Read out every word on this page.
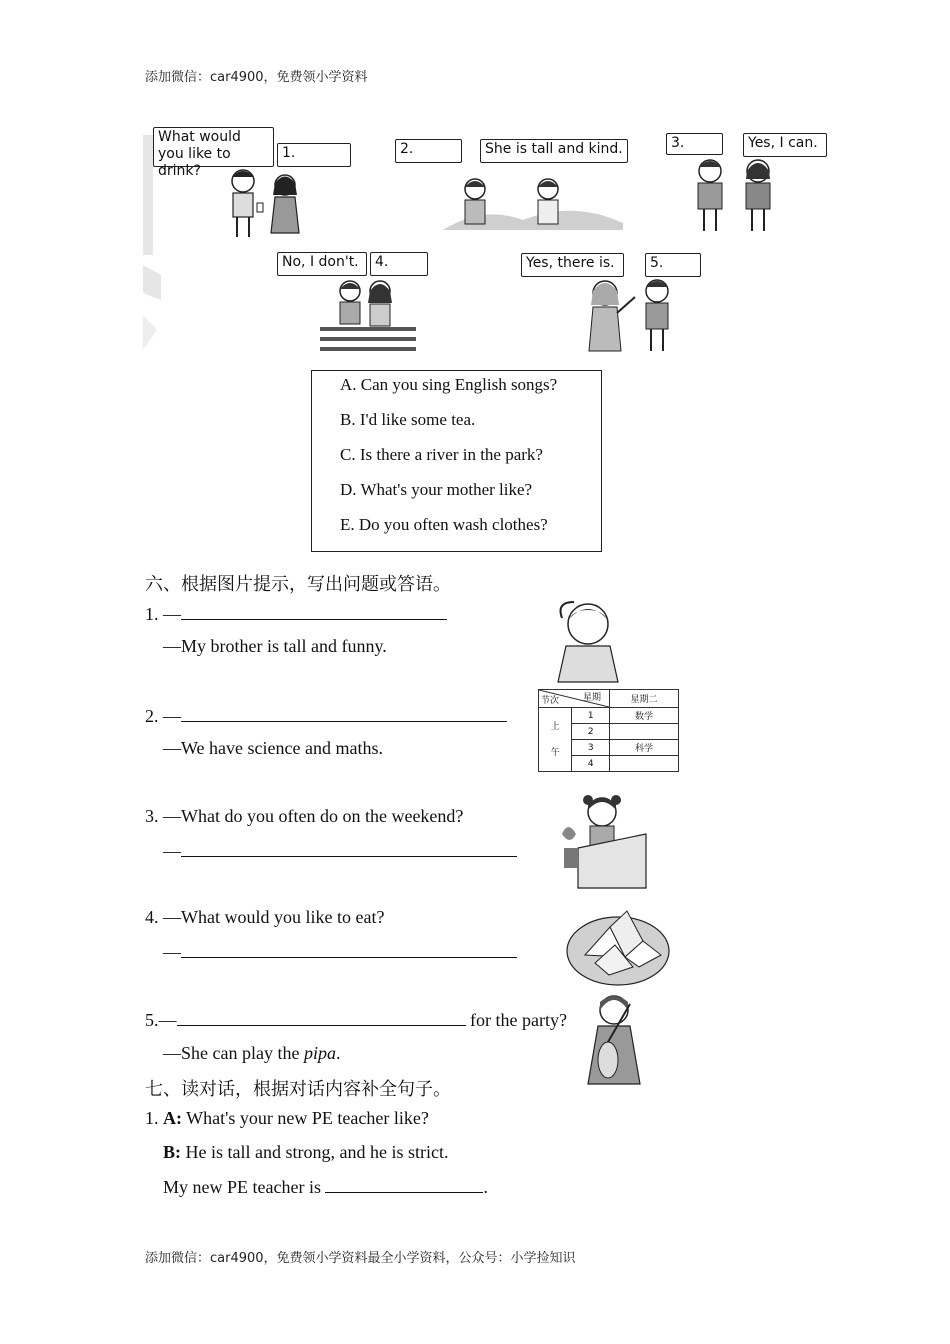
添加微信：car4900，免费领小学资料
What would you like to drink?
1.	2.	She is tall and kind.	3.	Yes, I can.
No, I don't.	4.	Yes, there is.	5.
A. Can you sing English songs?
B. I'd like some tea.
C. Is there a river in the park?
D. What's your mother like?
E. Do you often wash clothes?
六、根据图片提示，写出问题或答语。
1. —
—My brother is tall and funny.
2. —
—We have science and maths.
节次 星期		星期二
上
午	1	数学
	2	
	3	科学
	4	
3. —What do you often do on the weekend?
—
4. —What would you like to eat?
—
5.—	for the party?
—She can play the pipa.
七、读对话，根据对话内容补全句子。
1. A: What's your new PE teacher like?
B: He is tall and strong, and he is strict.
My new PE teacher is	.
添加微信：car4900，免费领小学资料最全小学资料，公众号：小学捡知识
